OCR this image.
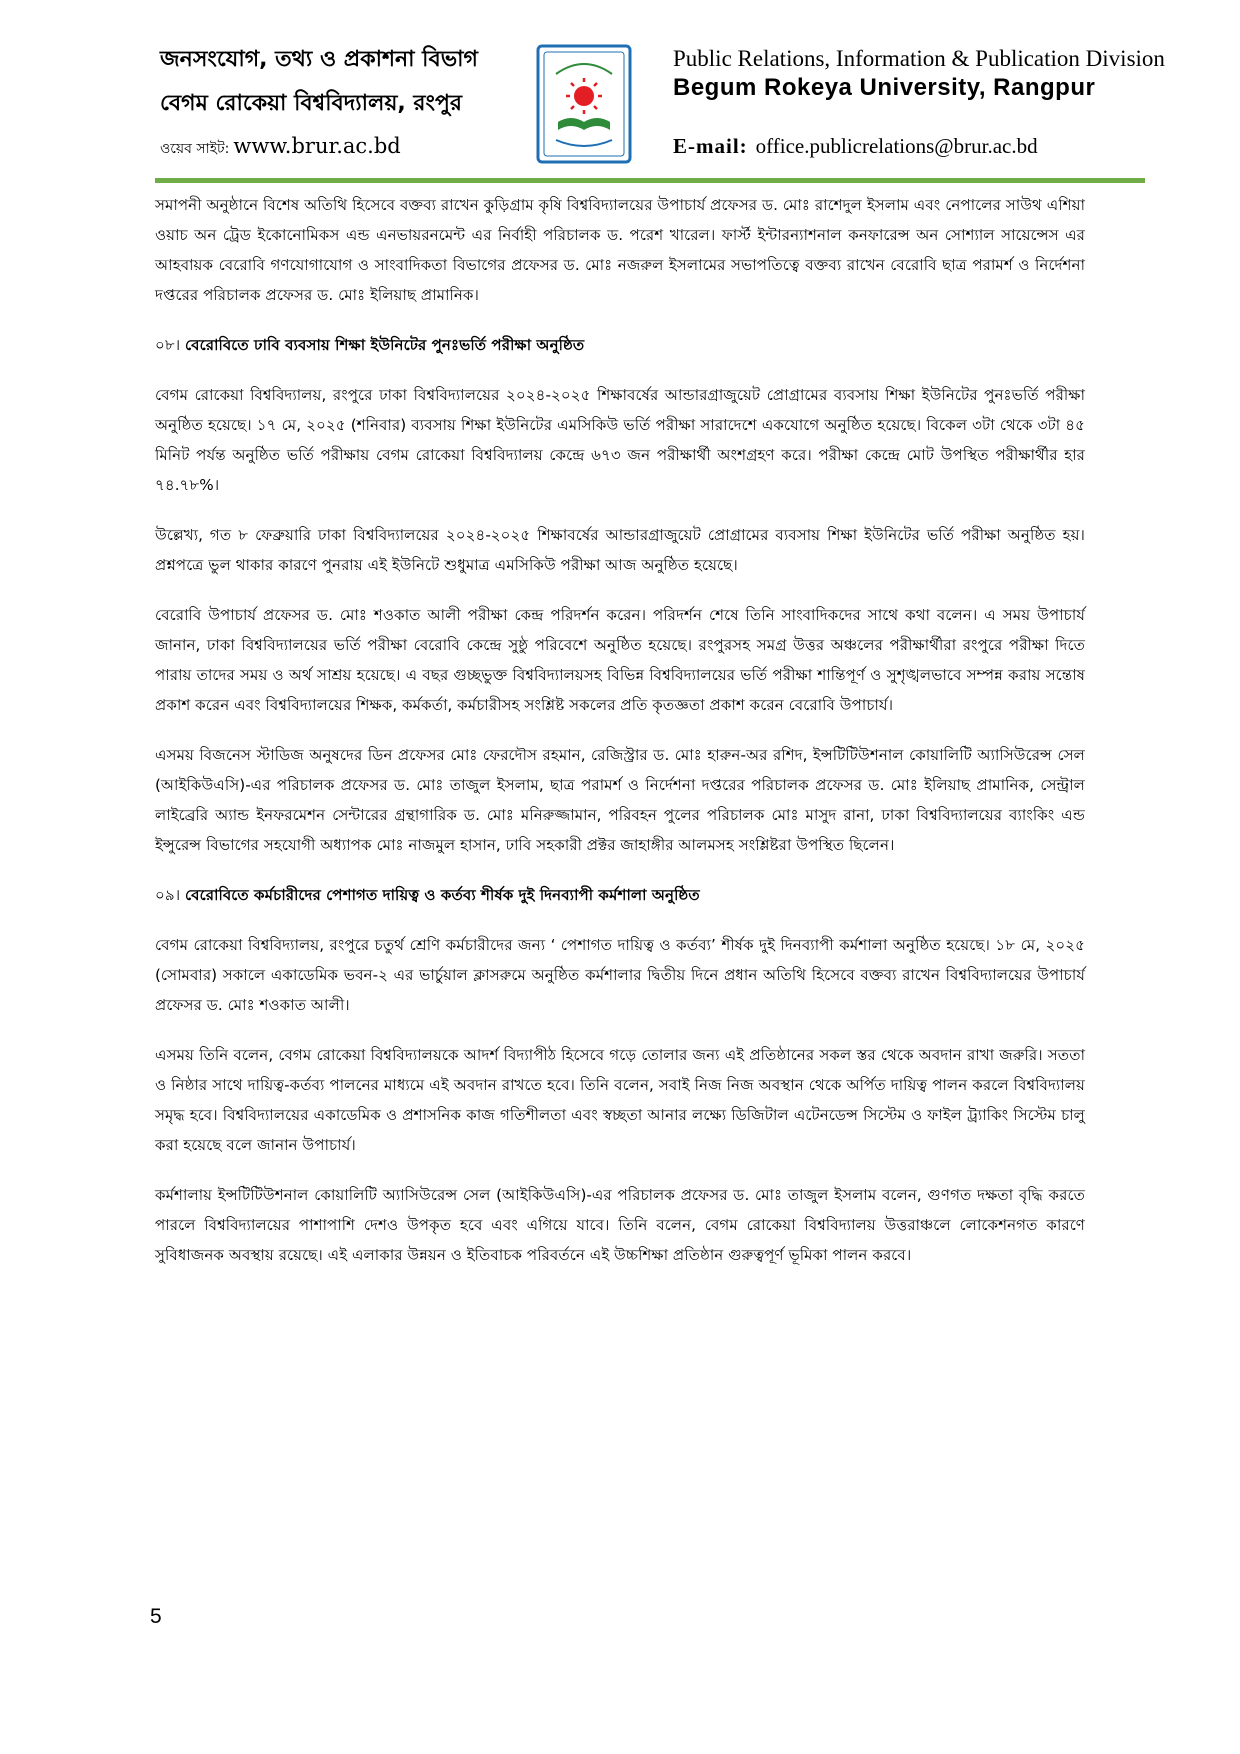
জনসংযোগ, তথ্য ও প্রকাশনা বিভাগ
বেগম রোকেয়া বিশ্ববিদ্যালয়, রংপুর
ওয়েব সাইট: www.brur.ac.bd
Public Relations, Information & Publication Division
Begum Rokeya University, Rangpur
E-mail: office.publicrelations@brur.ac.bd

সমাপনী অনুষ্ঠানে বিশেষ অতিথি হিসেবে বক্তব্য রাখেন কুড়িগ্রাম কৃষি বিশ্ববিদ্যালয়ের উপাচার্য প্রফেসর ড. মোঃ রাশেদুল ইসলাম এবং নেপালের সাউথ এশিয়া ওয়াচ অন ট্রেড ইকোনোমিকস এন্ড এনভায়রনমেন্ট এর নির্বাহী পরিচালক ড. পরেশ খারেল। ফার্স্ট ইন্টারন্যাশনাল কনফারেন্স অন সোশ্যাল সায়েন্সেস এর আহবায়ক বেরোবি গণযোগাযোগ ও সাংবাদিকতা বিভাগের প্রফেসর ড. মোঃ নজরুল ইসলামের সভাপতিত্বে বক্তব্য রাখেন বেরোবি ছাত্র পরামর্শ ও নির্দেশনা দপ্তরের পরিচালক প্রফেসর ড. মোঃ ইলিয়াছ প্রামানিক।

০৮। বেরোবিতে ঢাবি ব্যবসায় শিক্ষা ইউনিটের পুনঃভর্তি পরীক্ষা অনুষ্ঠিত

বেগম রোকেয়া বিশ্ববিদ্যালয়, রংপুরে ঢাকা বিশ্ববিদ্যালয়ের ২০২৪-২০২৫ শিক্ষাবর্ষের আন্ডারগ্রাজুয়েট প্রোগ্রামের ব্যবসায় শিক্ষা ইউনিটের পুনঃভর্তি পরীক্ষা অনুষ্ঠিত হয়েছে। ১৭ মে, ২০২৫ (শনিবার) ব্যবসায় শিক্ষা ইউনিটের এমসিকিউ ভর্তি পরীক্ষা সারাদেশে একযোগে অনুষ্ঠিত হয়েছে। বিকেল ৩টা থেকে ৩টা ৪৫ মিনিট পর্যন্ত অনুষ্ঠিত ভর্তি পরীক্ষায় বেগম রোকেয়া বিশ্ববিদ্যালয় কেন্দ্রে ৬৭৩ জন পরীক্ষার্থী অংশগ্রহণ করে। পরীক্ষা কেন্দ্রে মোট উপস্থিত পরীক্ষার্থীর হার ৭৪.৭৮%।

উল্লেখ্য, গত ৮ ফেব্রুয়ারি ঢাকা বিশ্ববিদ্যালয়ের ২০২৪-২০২৫ শিক্ষাবর্ষের আন্ডারগ্রাজুয়েট প্রোগ্রামের ব্যবসায় শিক্ষা ইউনিটের ভর্তি পরীক্ষা অনুষ্ঠিত হয়। প্রশ্নপত্রে ভুল থাকার কারণে পুনরায় এই ইউনিটে শুধুমাত্র এমসিকিউ পরীক্ষা আজ অনুষ্ঠিত হয়েছে।

বেরোবি উপাচার্য প্রফেসর ড. মোঃ শওকাত আলী পরীক্ষা কেন্দ্র পরিদর্শন করেন। পরিদর্শন শেষে তিনি সাংবাদিকদের সাথে কথা বলেন। এ সময় উপাচার্য জানান, ঢাকা বিশ্ববিদ্যালয়ের ভর্তি পরীক্ষা বেরোবি কেন্দ্রে সুষ্ঠু পরিবেশে অনুষ্ঠিত হয়েছে। রংপুরসহ সমগ্র উত্তর অঞ্চলের পরীক্ষার্থীরা রংপুরে পরীক্ষা দিতে পারায় তাদের সময় ও অর্থ সাশ্রয় হয়েছে। এ বছর গুচ্ছভুক্ত বিশ্ববিদ্যালয়সহ বিভিন্ন বিশ্ববিদ্যালয়ের ভর্তি পরীক্ষা শান্তিপূর্ণ ও সুশৃঙ্খলভাবে সম্পন্ন করায় সন্তোষ প্রকাশ করেন এবং বিশ্ববিদ্যালয়ের শিক্ষক, কর্মকর্তা, কর্মচারীসহ সংশ্লিষ্ট সকলের প্রতি কৃতজ্ঞতা প্রকাশ করেন বেরোবি উপাচার্য।

এসময় বিজনেস স্টাডিজ অনুষদের ডিন প্রফেসর মোঃ ফেরদৌস রহমান, রেজিস্ট্রার ড. মোঃ হারুন-অর রশিদ, ইন্সটিটিউশনাল কোয়ালিটি অ্যাসিউরেন্স সেল (আইকিউএসি)-এর পরিচালক প্রফেসর ড. মোঃ তাজুল ইসলাম, ছাত্র পরামর্শ ও নির্দেশনা দপ্তরের পরিচালক প্রফেসর ড. মোঃ ইলিয়াছ প্রামানিক, সেন্ট্রাল লাইব্রেরি অ্যান্ড ইনফরমেশন সেন্টারের গ্রন্থাগারিক ড. মোঃ মনিরুজ্জামান, পরিবহন পুলের পরিচালক মোঃ মাসুদ রানা, ঢাকা বিশ্ববিদ্যালয়ের ব্যাংকিং এন্ড ইন্সুরেন্স বিভাগের সহযোগী অধ্যাপক মোঃ নাজমুল হাসান, ঢাবি সহকারী প্রক্টর জাহাঙ্গীর আলমসহ সংশ্লিষ্টরা উপস্থিত ছিলেন।

০৯। বেরোবিতে কর্মচারীদের পেশাগত দায়িত্ব ও কর্তব্য শীর্ষক দুই দিনব্যাপী কর্মশালা অনুষ্ঠিত

বেগম রোকেয়া বিশ্ববিদ্যালয়, রংপুরে চতুর্থ শ্রেণি কর্মচারীদের জন্য ‘ পেশাগত দায়িত্ব ও কর্তব্য’ শীর্ষক দুই দিনব্যাপী কর্মশালা অনুষ্ঠিত হয়েছে। ১৮ মে, ২০২৫ (সোমবার) সকালে একাডেমিক ভবন-২ এর ভার্চুয়াল ক্লাসরুমে অনুষ্ঠিত কর্মশালার দ্বিতীয় দিনে প্রধান অতিথি হিসেবে বক্তব্য রাখেন বিশ্ববিদ্যালয়ের উপাচার্য প্রফেসর ড. মোঃ শওকাত আলী।

এসময় তিনি বলেন, বেগম রোকেয়া বিশ্ববিদ্যালয়কে আদর্শ বিদ্যাপীঠ হিসেবে গড়ে তোলার জন্য এই প্রতিষ্ঠানের সকল স্তর থেকে অবদান রাখা জরুরি। সততা ও নিষ্ঠার সাথে দায়িত্ব-কর্তব্য পালনের মাধ্যমে এই অবদান রাখতে হবে। তিনি বলেন, সবাই নিজ নিজ অবস্থান থেকে অর্পিত দায়িত্ব পালন করলে বিশ্ববিদ্যালয় সমৃদ্ধ হবে। বিশ্ববিদ্যালয়ের একাডেমিক ও প্রশাসনিক কাজ গতিশীলতা এবং স্বচ্ছতা আনার লক্ষ্যে ডিজিটাল এটেনডেন্স সিস্টেম ও ফাইল ট্র্যাকিং সিস্টেম চালু করা হয়েছে বলে জানান উপাচার্য।

কর্মশালায় ইন্সটিটিউশনাল কোয়ালিটি অ্যাসিউরেন্স সেল (আইকিউএসি)-এর পরিচালক প্রফেসর ড. মোঃ তাজুল ইসলাম বলেন, গুণগত দক্ষতা বৃদ্ধি করতে পারলে বিশ্ববিদ্যালয়ের পাশাপাশি দেশও উপকৃত হবে এবং এগিয়ে যাবে। তিনি বলেন, বেগম রোকেয়া বিশ্ববিদ্যালয় উত্তরাঞ্চলে লোকেশনগত কারণে সুবিধাজনক অবস্থায় রয়েছে। এই এলাকার উন্নয়ন ও ইতিবাচক পরিবর্তনে এই উচ্চশিক্ষা প্রতিষ্ঠান গুরুত্বপূর্ণ ভূমিকা পালন করবে।

5
